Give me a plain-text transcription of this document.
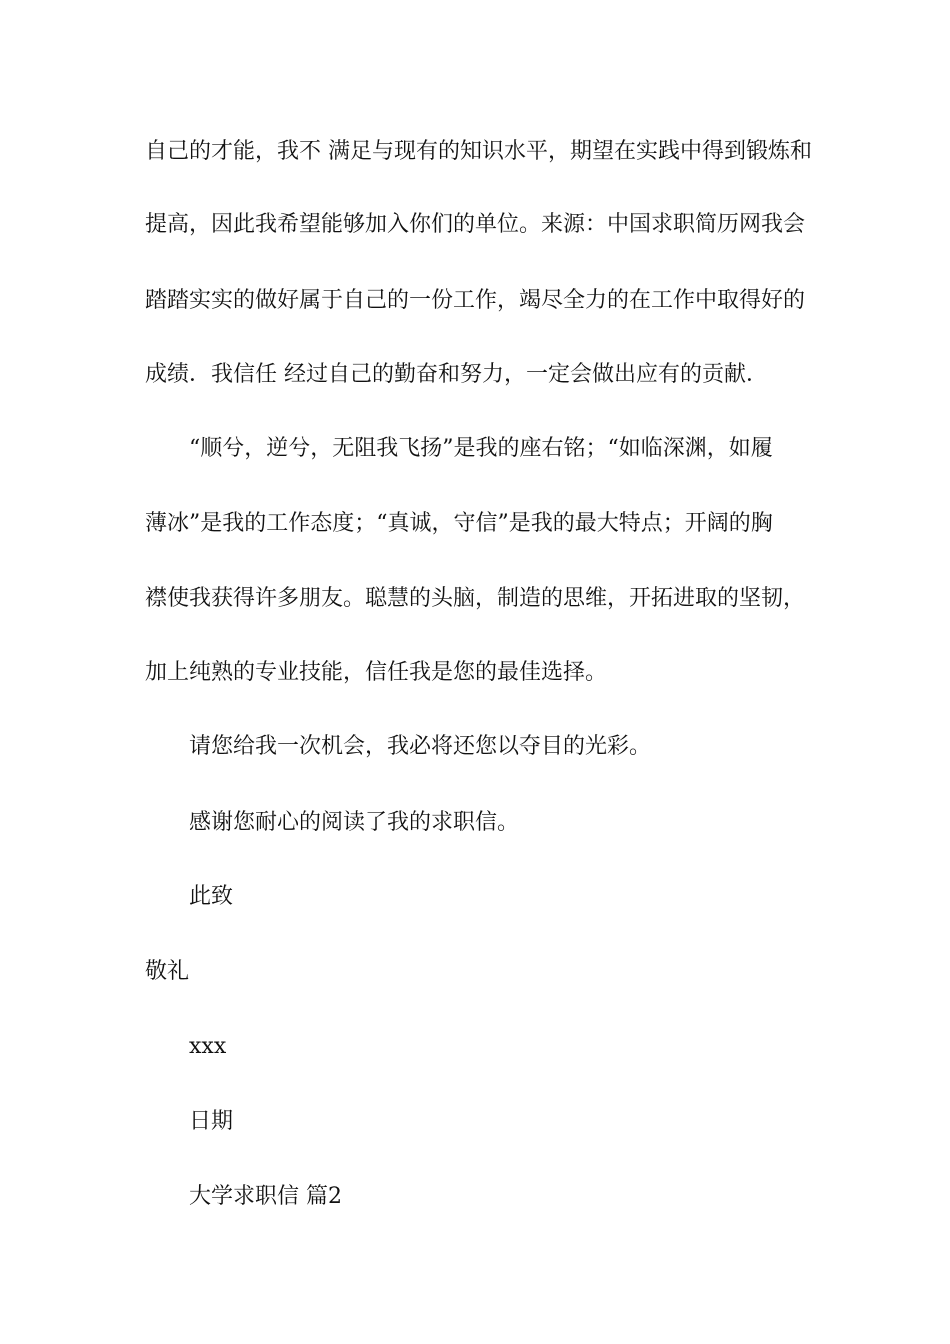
自己的才能，我不 满足与现有的知识水平，期望在实践中得到锻炼和
提高，因此我希望能够加入你们的单位。来源：中国求职简历网我会
踏踏实实的做好属于自己的一份工作，竭尽全力的在工作中取得好的
成绩．我信任 经过自己的勤奋和努力，一定会做出应有的贡献．
“顺兮，逆兮，无阻我飞扬”是我的座右铭；“如临深渊，如履
薄冰”是我的工作态度；“真诚，守信”是我的最大特点；开阔的胸
襟使我获得许多朋友。聪慧的头脑，制造的思维，开拓进取的坚韧，
加上纯熟的专业技能，信任我是您的最佳选择。
请您给我一次机会，我必将还您以夺目的光彩。
感谢您耐心的阅读了我的求职信。
此致
敬礼
xxx
日期
大学求职信 篇2
